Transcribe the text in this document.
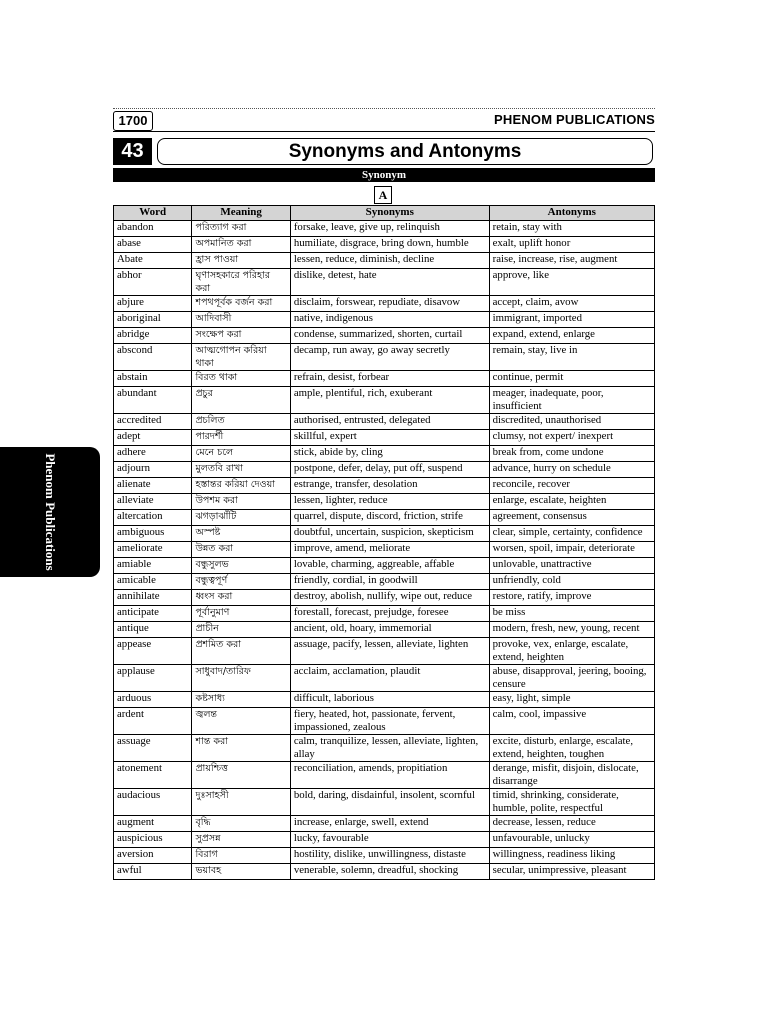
1700	PHENOM PUBLICATIONS
43	Synonyms and Antonyms
Synonym
A
Phenom Publications
Word	Meaning	Synonyms	Antonyms
abandon	পরিত্যাগ করা	forsake, leave, give up, relinquish	retain, stay with
abase	অপমানিত করা	humiliate, disgrace, bring down, humble	exalt, uplift honor
Abate	হ্রাস পাওয়া	lessen, reduce, diminish, decline	raise, increase, rise, augment
abhor	ঘৃণাসহকারে পরিহার করা	dislike, detest, hate	approve, like
abjure	শপথপূর্বক বর্জন করা	disclaim, forswear, repudiate, disavow	accept, claim, avow
aboriginal	আদিবাসী	native, indigenous	immigrant, imported
abridge	সংক্ষেপ করা	condense, summarized, shorten, curtail	expand, extend, enlarge
abscond	আত্মগোপন করিয়া থাকা	decamp, run away, go away secretly	remain, stay, live in
abstain	বিরত থাকা	refrain, desist, forbear	continue, permit
abundant	প্রচুর	ample, plentiful, rich, exuberant	meager, inadequate, poor, insufficient
accredited	প্রচলিত	authorised, entrusted, delegated	discredited, unauthorised
adept	পারদর্শী	skillful, expert	clumsy, not expert/ inexpert
adhere	মেনে চলে	stick, abide by, cling	break from, come undone
adjourn	মুলতবি রাখা	postpone, defer, delay, put off, suspend	advance, hurry on schedule
alienate	হস্তান্তর করিয়া দেওয়া	estrange, transfer, desolation	reconcile, recover
alleviate	উপশম করা	lessen, lighter, reduce	enlarge, escalate, heighten
altercation	ঝগড়াঝাঁটি	quarrel, dispute, discord, friction, strife	agreement, consensus
ambiguous	অস্পষ্ট	doubtful, uncertain, suspicion, skepticism	clear, simple, certainty, confidence
ameliorate	উন্নত করা	improve, amend, meliorate	worsen, spoil, impair, deteriorate
amiable	বন্ধুসুলভ	lovable, charming, aggreable, affable	unlovable, unattractive
amicable	বন্ধুত্বপূর্ণ	friendly, cordial, in goodwill	unfriendly, cold
annihilate	ধ্বংস করা	destroy, abolish, nullify, wipe out, reduce	restore, ratify, improve
anticipate	পূর্বানুমাণ	forestall, forecast, prejudge, foresee	be miss
antique	প্রাচীন	ancient, old, hoary, immemorial	modern, fresh, new, young, recent
appease	প্রশমিত করা	assuage, pacify, lessen, alleviate, lighten	provoke, vex, enlarge, escalate, extend, heighten
applause	সাধুবাদ/তারিফ	acclaim, acclamation, plaudit	abuse, disapproval, jeering, booing, censure
arduous	কষ্টসাধ্য	difficult, laborious	easy, light, simple
ardent	জ্বলন্ত	fiery, heated, hot, passionate, fervent, impassioned, zealous	calm, cool, impassive
assuage	শান্ত করা	calm, tranquilize, lessen, alleviate, lighten, allay	excite, disturb, enlarge, escalate, extend, heighten, toughen
atonement	প্রায়শ্চিত্ত	reconciliation, amends, propitiation	derange, misfit, disjoin, dislocate, disarrange
audacious	দুঃসাহসী	bold, daring, disdainful, insolent, scornful	timid, shrinking, considerate, humble, polite, respectful
augment	বৃদ্ধি	increase, enlarge, swell, extend	decrease, lessen, reduce
auspicious	সুপ্রসন্ন	lucky, favourable	unfavourable, unlucky
aversion	বিরাগ	hostility, dislike, unwillingness, distaste	willingness, readiness liking
awful	ভয়াবহ	venerable, solemn, dreadful, shocking	secular, unimpressive, pleasant
